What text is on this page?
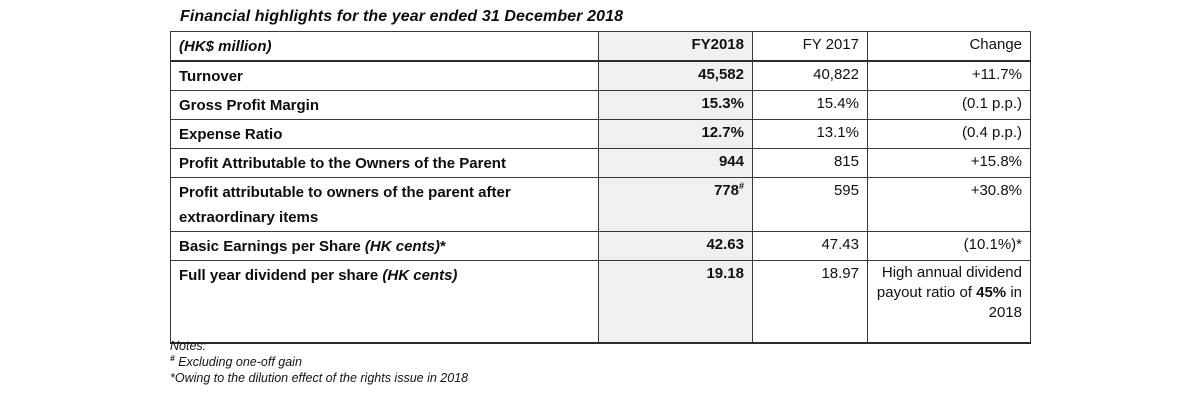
Financial highlights for the year ended 31 December 2018
(HK$ million)	FY2018	FY 2017	Change
Turnover	45,582	40,822	+11.7%
Gross Profit Margin	15.3%	15.4%	(0.1 p.p.)
Expense Ratio	12.7%	13.1%	(0.4 p.p.)
Profit Attributable to the Owners of the Parent	944	815	+15.8%
Profit attributable to owners of the parent after extraordinary items	778#	595	+30.8%
Basic Earnings per Share (HK cents)*	42.63	47.43	(10.1%)*
Full year dividend per share (HK cents)	19.18	18.97	High annual dividend payout ratio of 45% in 2018
Notes:
# Excluding one-off gain
*Owing to the dilution effect of the rights issue in 2018
